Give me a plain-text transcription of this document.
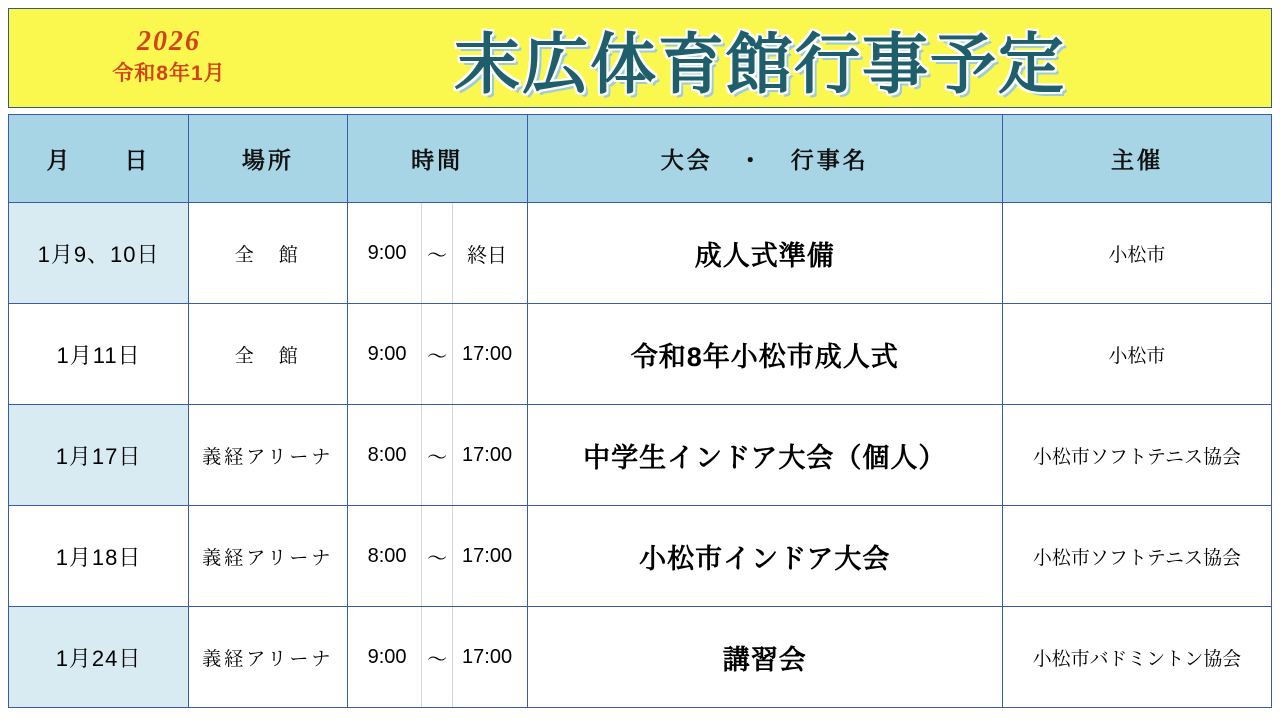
2026
令和8年1月	末広体育館行事予定
月　　日	場所	時間	大会　・　行事名	主催
1月9、10日	全　館	9:00 ～ 終日	成人式準備	小松市
1月11日	全　館	9:00 ～ 17:00	令和8年小松市成人式	小松市
1月17日	義経アリーナ	8:00 ～ 17:00	中学生インドア大会（個人）	小松市ソフトテニス協会
1月18日	義経アリーナ	8:00 ～ 17:00	小松市インドア大会	小松市ソフトテニス協会
1月24日	義経アリーナ	9:00 ～ 17:00	講習会	小松市バドミントン協会
